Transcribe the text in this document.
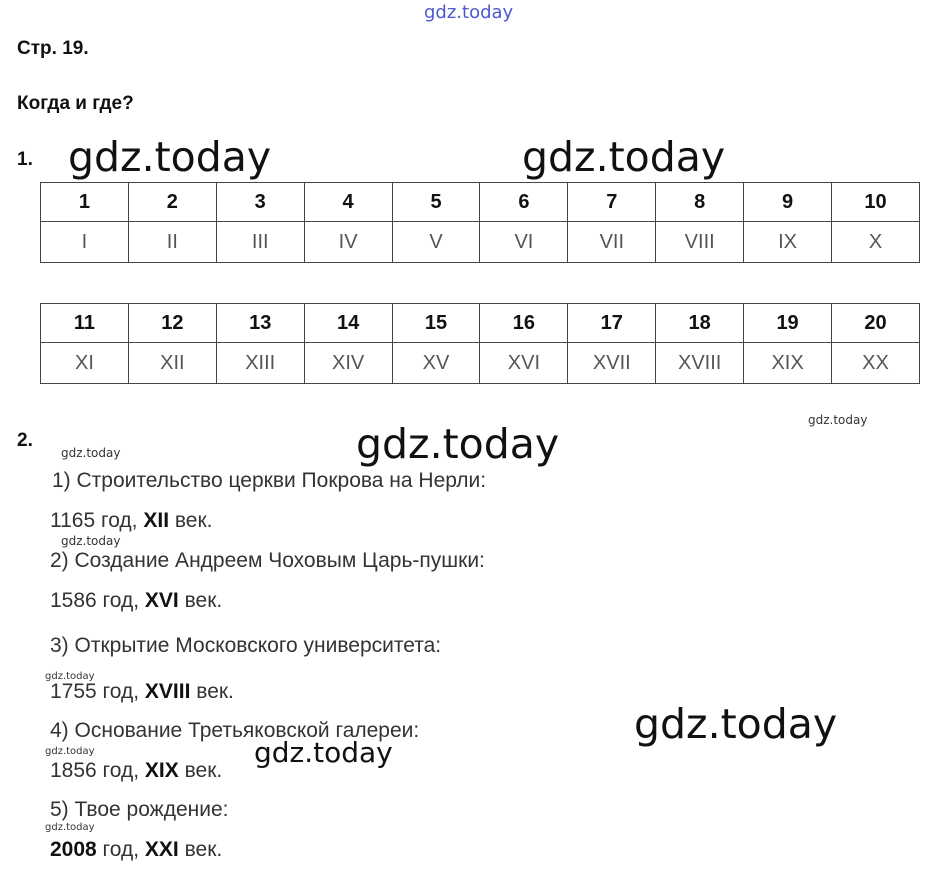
gdz.today
Стр. 19.
Когда и где?
1. gdz.today	gdz.today
1	2	3	4	5	6	7	8	9	10
I	II	III	IV	V	VI	VII	VIII	IX	X
11	12	13	14	15	16	17	18	19	20
XI	XII	XIII	XIV	XV	XVI	XVII	XVIII	XIX	XX
gdz.today
2.	gdz.today
gdz.today
1) Строительство церкви Покрова на Нерли:
1165 год, XII век.
gdz.today
2) Создание Андреем Чоховым Царь-пушки:
1586 год, XVI век.
3) Открытие Московского университета:
gdz.today
1755 год, XVIII век.
gdz.today
4) Основание Третьяковской галереи:
gdz.today	gdz.today
1856 год, XIX век.
5) Твое рождение:
gdz.today
2008 год, XXI век.
